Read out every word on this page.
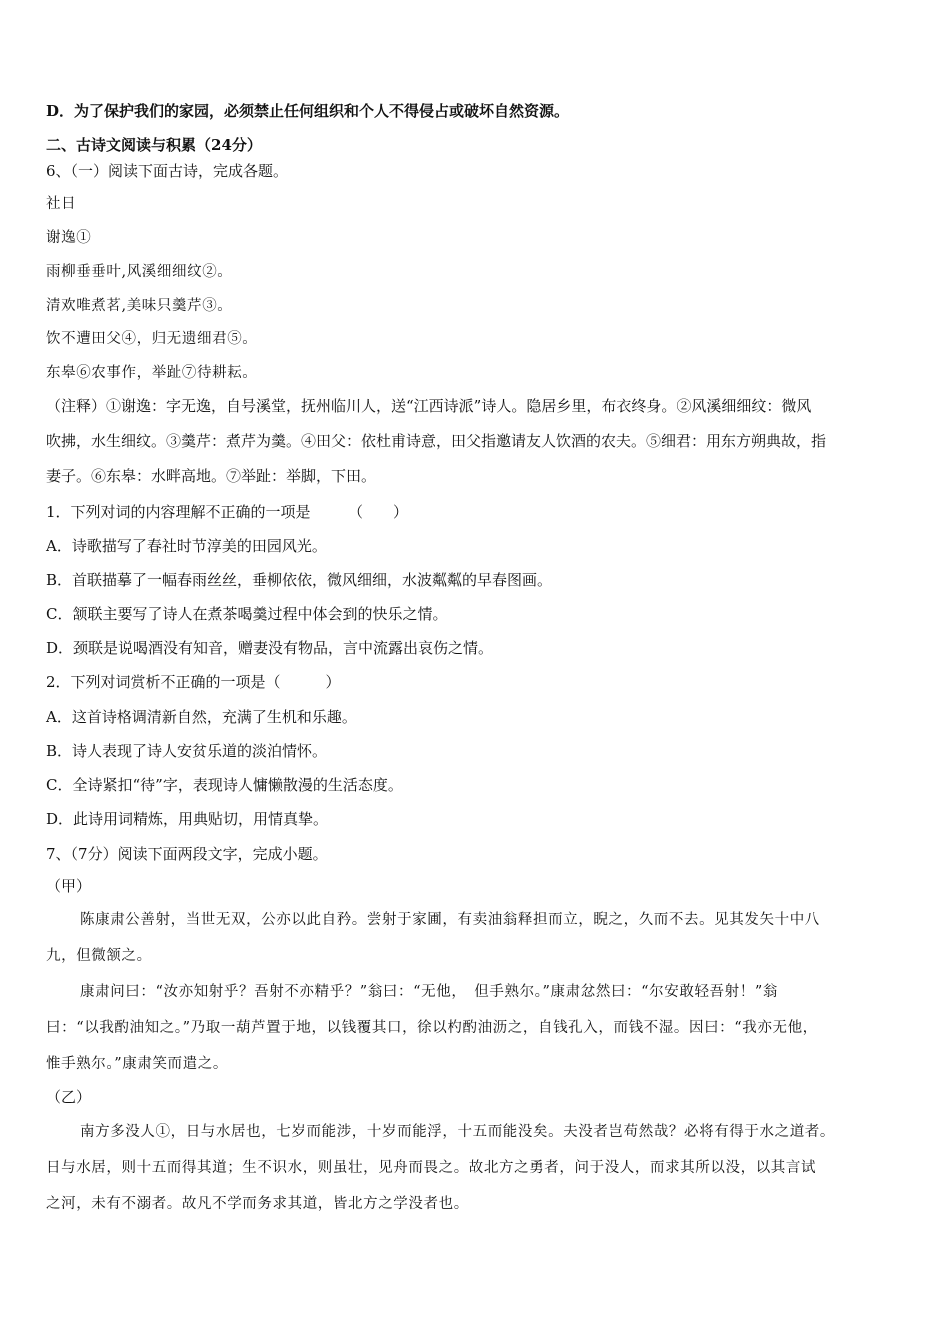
D．为了保护我们的家园，必须禁止任何组织和个人不得侵占或破坏自然资源。
二、古诗文阅读与积累（24分）
6、（一）阅读下面古诗，完成各题。
社日
谢逸①
雨柳垂垂叶,风溪细细纹②。
清欢唯煮茗,美味只羹芹③。
饮不遭田父④，归无遗细君⑤。
东皋⑥农事作，举趾⑦待耕耘。
（注释）①谢逸：字无逸，自号溪堂，抚州临川人，送“江西诗派”诗人。隐居乡里，布衣终身。②风溪细细纹：微风
吹拂，水生细纹。③羹芹：煮芹为羹。④田父：依杜甫诗意，田父指邀请友人饮酒的农夫。⑤细君：用东方朔典故，指
妻子。⑥东皋：水畔高地。⑦举趾：举脚，下田。
1．下列对词的内容理解不正确的一项是　　　（　　）
A．诗歌描写了春社时节淳美的田园风光。
B．首联描摹了一幅春雨丝丝，垂柳依依，微风细细，水波粼粼的早春图画。
C．颔联主要写了诗人在煮茶喝羹过程中体会到的快乐之情。
D．颈联是说喝酒没有知音，赠妻没有物品，言中流露出哀伤之情。
2．下列对词赏析不正确的一项是（　　　）
A．这首诗格调清新自然，充满了生机和乐趣。
B．诗人表现了诗人安贫乐道的淡泊情怀。
C．全诗紧扣“待”字，表现诗人慵懒散漫的生活态度。
D．此诗用词精炼，用典贴切，用情真挚。
7、（7分）阅读下面两段文字，完成小题。
（甲）
陈康肃公善射，当世无双，公亦以此自矜。尝射于家圃，有卖油翁释担而立，睨之，久而不去。见其发矢十中八
九，但微颔之。
康肃问曰：“汝亦知射乎？吾射不亦精乎？”翁曰：“无他，　但手熟尔。”康肃忿然曰：“尔安敢轻吾射！”翁
曰：“以我酌油知之。”乃取一葫芦置于地，以钱覆其口，徐以杓酌油沥之，自钱孔入，而钱不湿。因曰：“我亦无他，
惟手熟尔。”康肃笑而遣之。
（乙）
南方多没人①，日与水居也，七岁而能涉，十岁而能浮，十五而能没矣。夫没者岂苟然哉？必将有得于水之道者。
日与水居，则十五而得其道；生不识水，则虽壮，见舟而畏之。故北方之勇者，问于没人，而求其所以没，以其言试
之河，未有不溺者。故凡不学而务求其道，皆北方之学没者也。
